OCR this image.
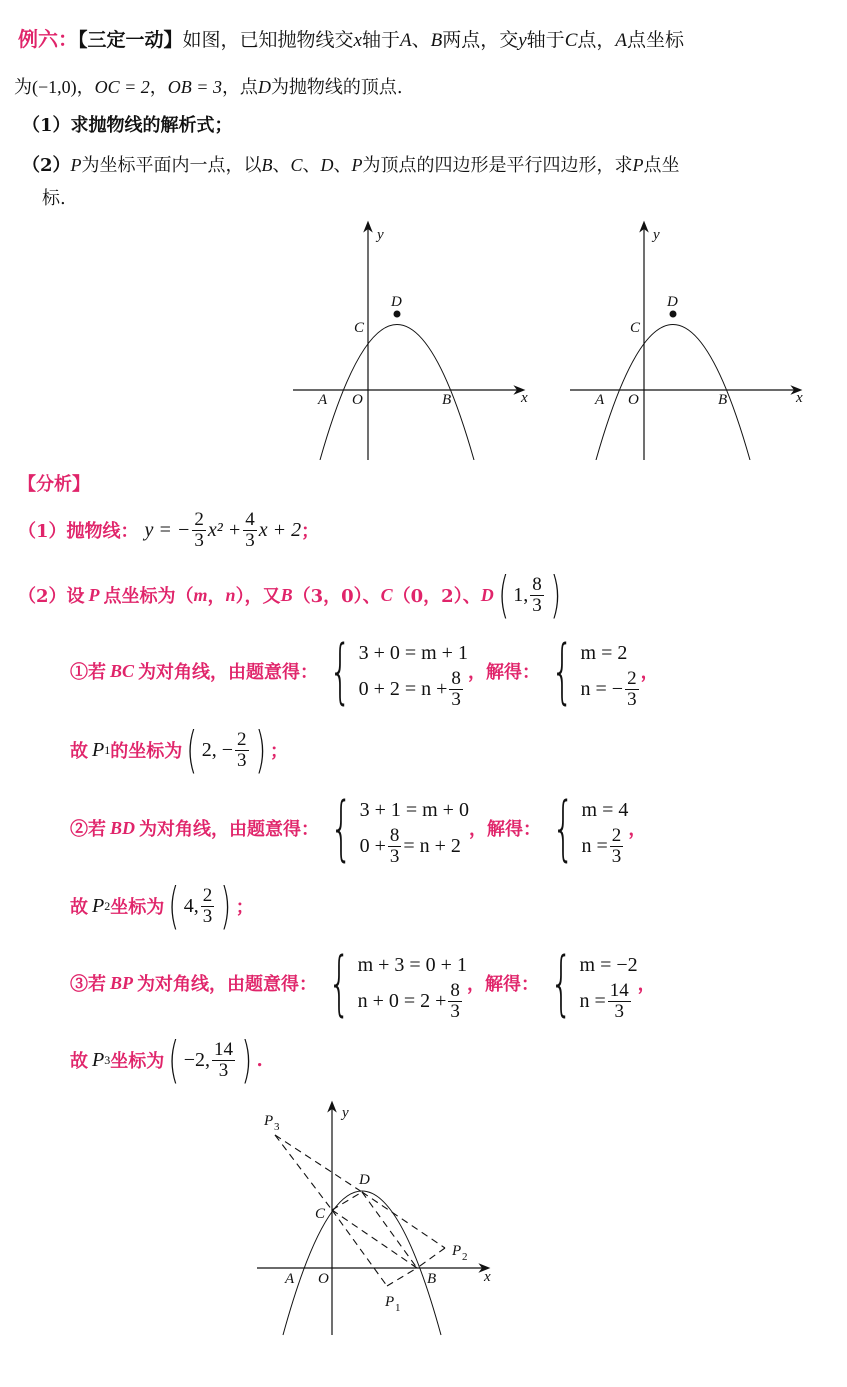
例六：【三定一动】如图，已知抛物线交x轴于A、B两点，交y轴于C点，A点坐标
为(−1,0)，OC = 2，OB = 3，点D为抛物线的顶点.
（1）求抛物线的解析式；
（2）P为坐标平面内一点，以B、C、D、P为顶点的四边形是平行四边形，求P点坐
标.
y
x
A O	B
C
D
y
x
A O	B
C
D
【分析】
（1）抛物线： y = − $\frac{2}{3} x^2 + \frac{4}{3}$ x + 2 ；
（2）设 P 点坐标为（ m ， n ），又 B （3，0）、 C （0，2）、 D ( 1, $\frac{8}{3}$ )
①若 BC 为对角线，由题意得： { 3 + 0 = m + 1
$0 + 2 = n + \frac{8}{3}$ ，解得： { m = 2
n = − $\frac{2}{3}$ ，
故 P 1 的坐标为 ( 2, − $\frac{2}{3}$ ) ；
②若 BD 为对角线，由题意得： { 3 + 1 = m + 0
$0 + \frac{8}{3} = n + 2$
，解得： { m = 4
$n = \frac{2}{3}$ ，
故 P 2 坐标为 ( 4, $\frac{2}{3}$ ) ；
③若 BP 为对角线，由题意得： { m + 3 = 0 + 1
$n + 0 = 2 + \frac{8}{3}$ ，解得： { m = −2
$n = \frac{14}{3}$ ，
故 P 3 坐标为 ( −2, $\frac{14}{3}$ ) .
y
x
A O	B
C
D
P 1
P 2
P 3
